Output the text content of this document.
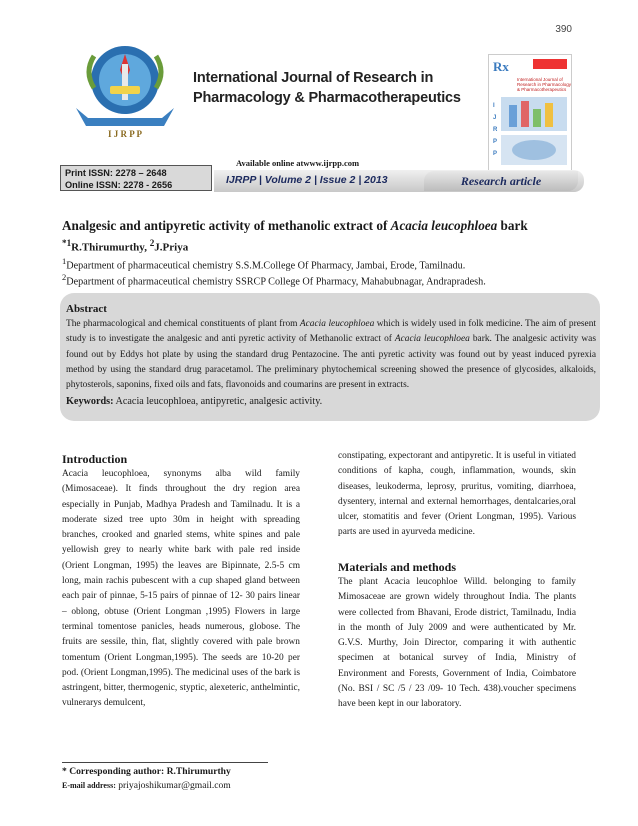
390
I J R P P
International Journal of Research in
Pharmacology & Pharmacotherapeutics
Rx
International Journal of Research in Pharmacology & Pharmacotherapeutics
I
J
R
P
P
Available online atwww.ijrpp.com
Print ISSN: 2278 – 2648
Online ISSN: 2278 - 2656	IJRPP | Volume 2 | Issue 2 | 2013	Research article
Analgesic and antipyretic activity of methanolic extract of Acacia leucophloea bark
$^{*1}$R.Thirumurthy, $^2$J.Priya
$^1$Department of pharmaceutical chemistry S.S.M.College Of Pharmacy, Jambai, Erode, Tamilnadu.
$^2$Department of pharmaceutical chemistry SSRCP College Of Pharmacy, Mahabubnagar, Andrapradesh.
Abstract
The pharmacological and chemical constituents of plant from Acacia leucophloea which is widely used in folk medicine. The aim of present study is to investigate the analgesic and anti pyretic activity of Methanolic extract of Acacia leucophloea bark. The analgesic activity was found out by Eddys hot plate by using the standard drug Pentazocine. The anti pyretic activity was found out by yeast induced pyrexia method by using the standard drug paracetamol. The preliminary phytochemical screening showed the presence of glycosides, alkaloids, phytosterols, saponins, fixed oils and fats, flavonoids and coumarins are present in extracts.
Keywords: Acacia leucophloea, antipyretic, analgesic activity.
Introduction
Acacia leucophloea, synonyms alba wild family (Mimosaceae). It finds throughout the dry region area especially in Punjab, Madhya Pradesh and Tamilnadu. It is a moderate sized tree upto 30m in height with spreading branches, crooked and gnarled stems, white spines and pale yellowish grey to nearly white bark with pale red inside (Orient Longman, 1995) the leaves are Bipinnate, 2.5-5 cm long, main rachis pubescent with a cup shaped gland between each pair of pinnae, 5-15 pairs of pinnae of 12- 30 pairs linear – oblong, obtuse (Orient Longman ,1995) Flowers in large terminal tomentose panicles, heads numerous, globose. The fruits are sessile, thin, flat, slightly covered with pale brown tomentum (Orient Longman,1995). The seeds are 10-20 per pod. (Orient Longman,1995). The medicinal uses of the bark is astringent, bitter, thermogenic, styptic, alexeteric, anthelmintic, vulnerarys demulcent,
constipating, expectorant and antipyretic. It is useful in vitiated conditions of kapha, cough, inflammation, wounds, skin diseases, leukoderma, leprosy, pruritus, vomiting, diarrhoea, dysentery, internal and external hemorrhages, dentalcaries,oral ulcer, stomatitis and fever (Orient Longman, 1995). Various parts are used in ayurveda medicine.
Materials and methods
The plant Acacia leucophloe Willd. belonging to family Mimosaceae are grown widely throughout India. The plants were collected from Bhavani, Erode district, Tamilnadu, India in the month of July 2009 and were authenticated by Mr. G.V.S. Murthy, Join Director, comparing it with authentic specimen at botanical survey of India, Ministry of Environment and Forests, Government of India, Coimbatore (No. BSI / SC /5 / 23 /09- 10 Tech. 438).voucher specimens have been kept in our laboratory.
* Corresponding author: R.Thirumurthy
E-mail address: priyajoshikumar@gmail.com
